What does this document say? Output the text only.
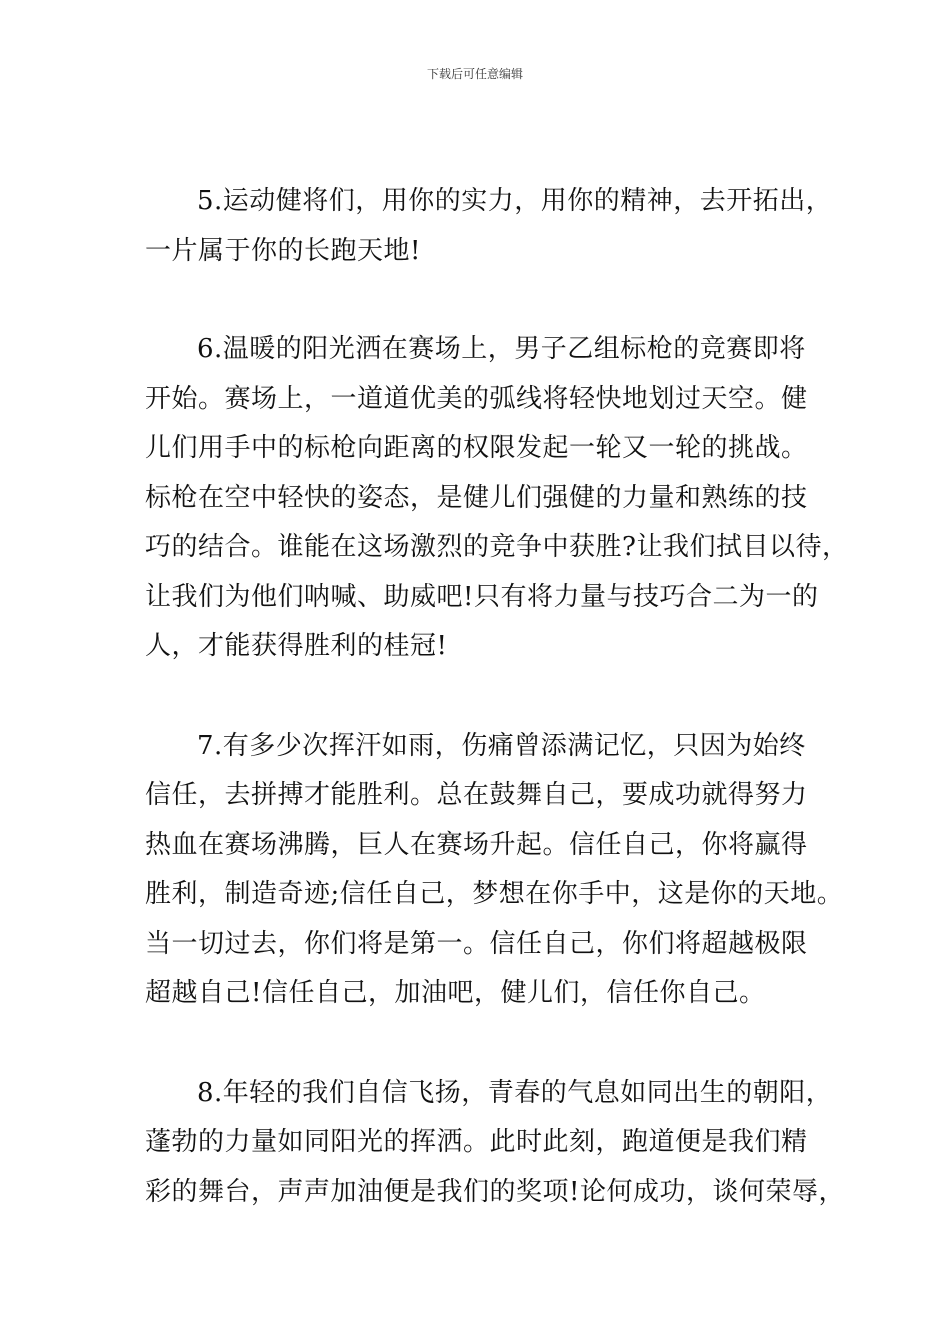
下载后可任意编辑
5.运动健将们，用你的实力，用你的精神，去开拓出，
一片属于你的长跑天地!
6.温暖的阳光洒在赛场上，男子乙组标枪的竞赛即将
开始。赛场上，一道道优美的弧线将轻快地划过天空。健
儿们用手中的标枪向距离的权限发起一轮又一轮的挑战。
标枪在空中轻快的姿态，是健儿们强健的力量和熟练的技
巧的结合。谁能在这场激烈的竞争中获胜?让我们拭目以待，
让我们为他们呐喊、助威吧!只有将力量与技巧合二为一的
人，才能获得胜利的桂冠!
7.有多少次挥汗如雨，伤痛曾添满记忆，只因为始终
信任，去拼搏才能胜利。总在鼓舞自己，要成功就得努力
热血在赛场沸腾，巨人在赛场升起。信任自己，你将赢得
胜利，制造奇迹;信任自己，梦想在你手中，这是你的天地。
当一切过去，你们将是第一。信任自己，你们将超越极限
超越自己!信任自己，加油吧，健儿们，信任你自己。
8.年轻的我们自信飞扬，青春的气息如同出生的朝阳，
蓬勃的力量如同阳光的挥洒。此时此刻，跑道便是我们精
彩的舞台，声声加油便是我们的奖项!论何成功，谈何荣辱，
